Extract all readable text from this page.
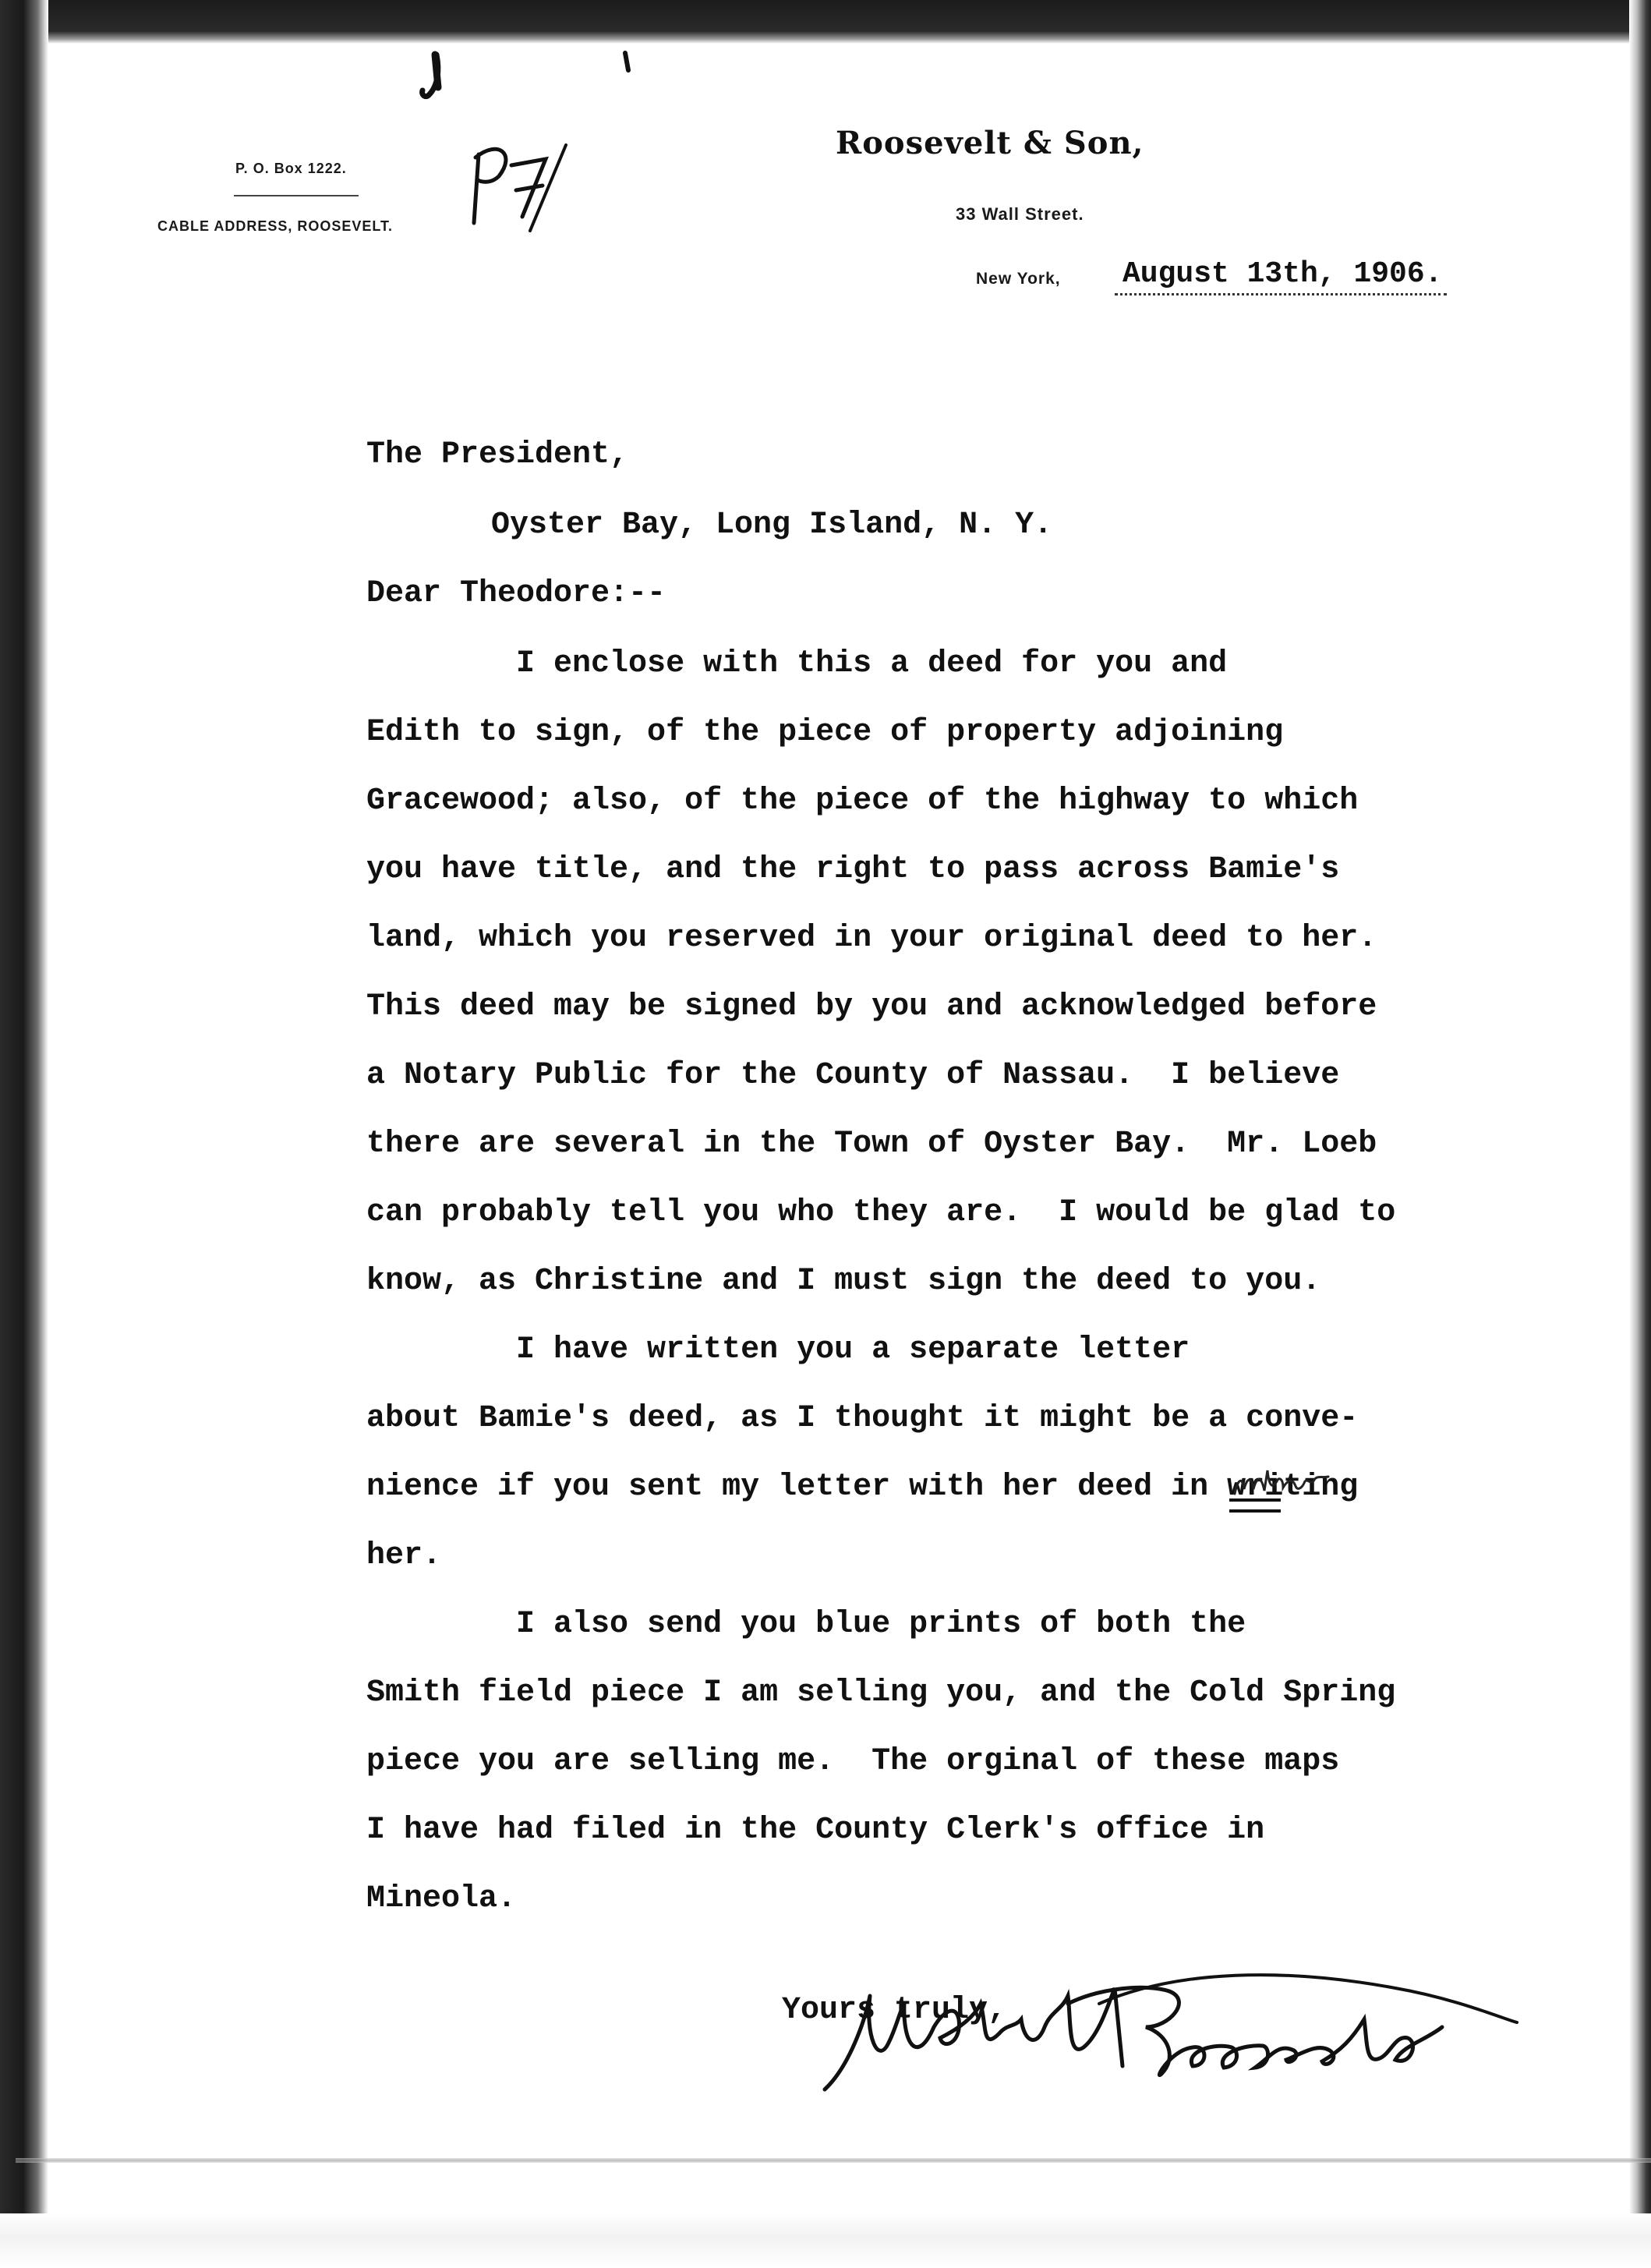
P. O. Box 1222.
CABLE ADDRESS, ROOSEVELT.
Roosevelt & Son,
33 Wall Street.
New York, August 13th, 1906.
The President,
Oyster Bay, Long Island, N. Y.
Dear Theodore:--
I enclose with this a deed for you and
Edith to sign, of the piece of property adjoining
Gracewood; also, of the piece of the highway to which
you have title, and the right to pass across Bamie's
land, which you reserved in your original deed to her.
This deed may be signed by you and acknowledged before
a Notary Public for the County of Nassau.  I believe
there are several in the Town of Oyster Bay.  Mr. Loeb
can probably tell you who they are.  I would be glad to
know, as Christine and I must sign the deed to you.
I have written you a separate letter
about Bamie's deed, as I thought it might be a conve-
nience if you sent my letter with her deed in writing
her.
I also send you blue prints of both the
Smith field piece I am selling you, and the Cold Spring
piece you are selling me.  The orginal of these maps
I have had filed in the County Clerk's office in
Mineola.
Yours truly,
